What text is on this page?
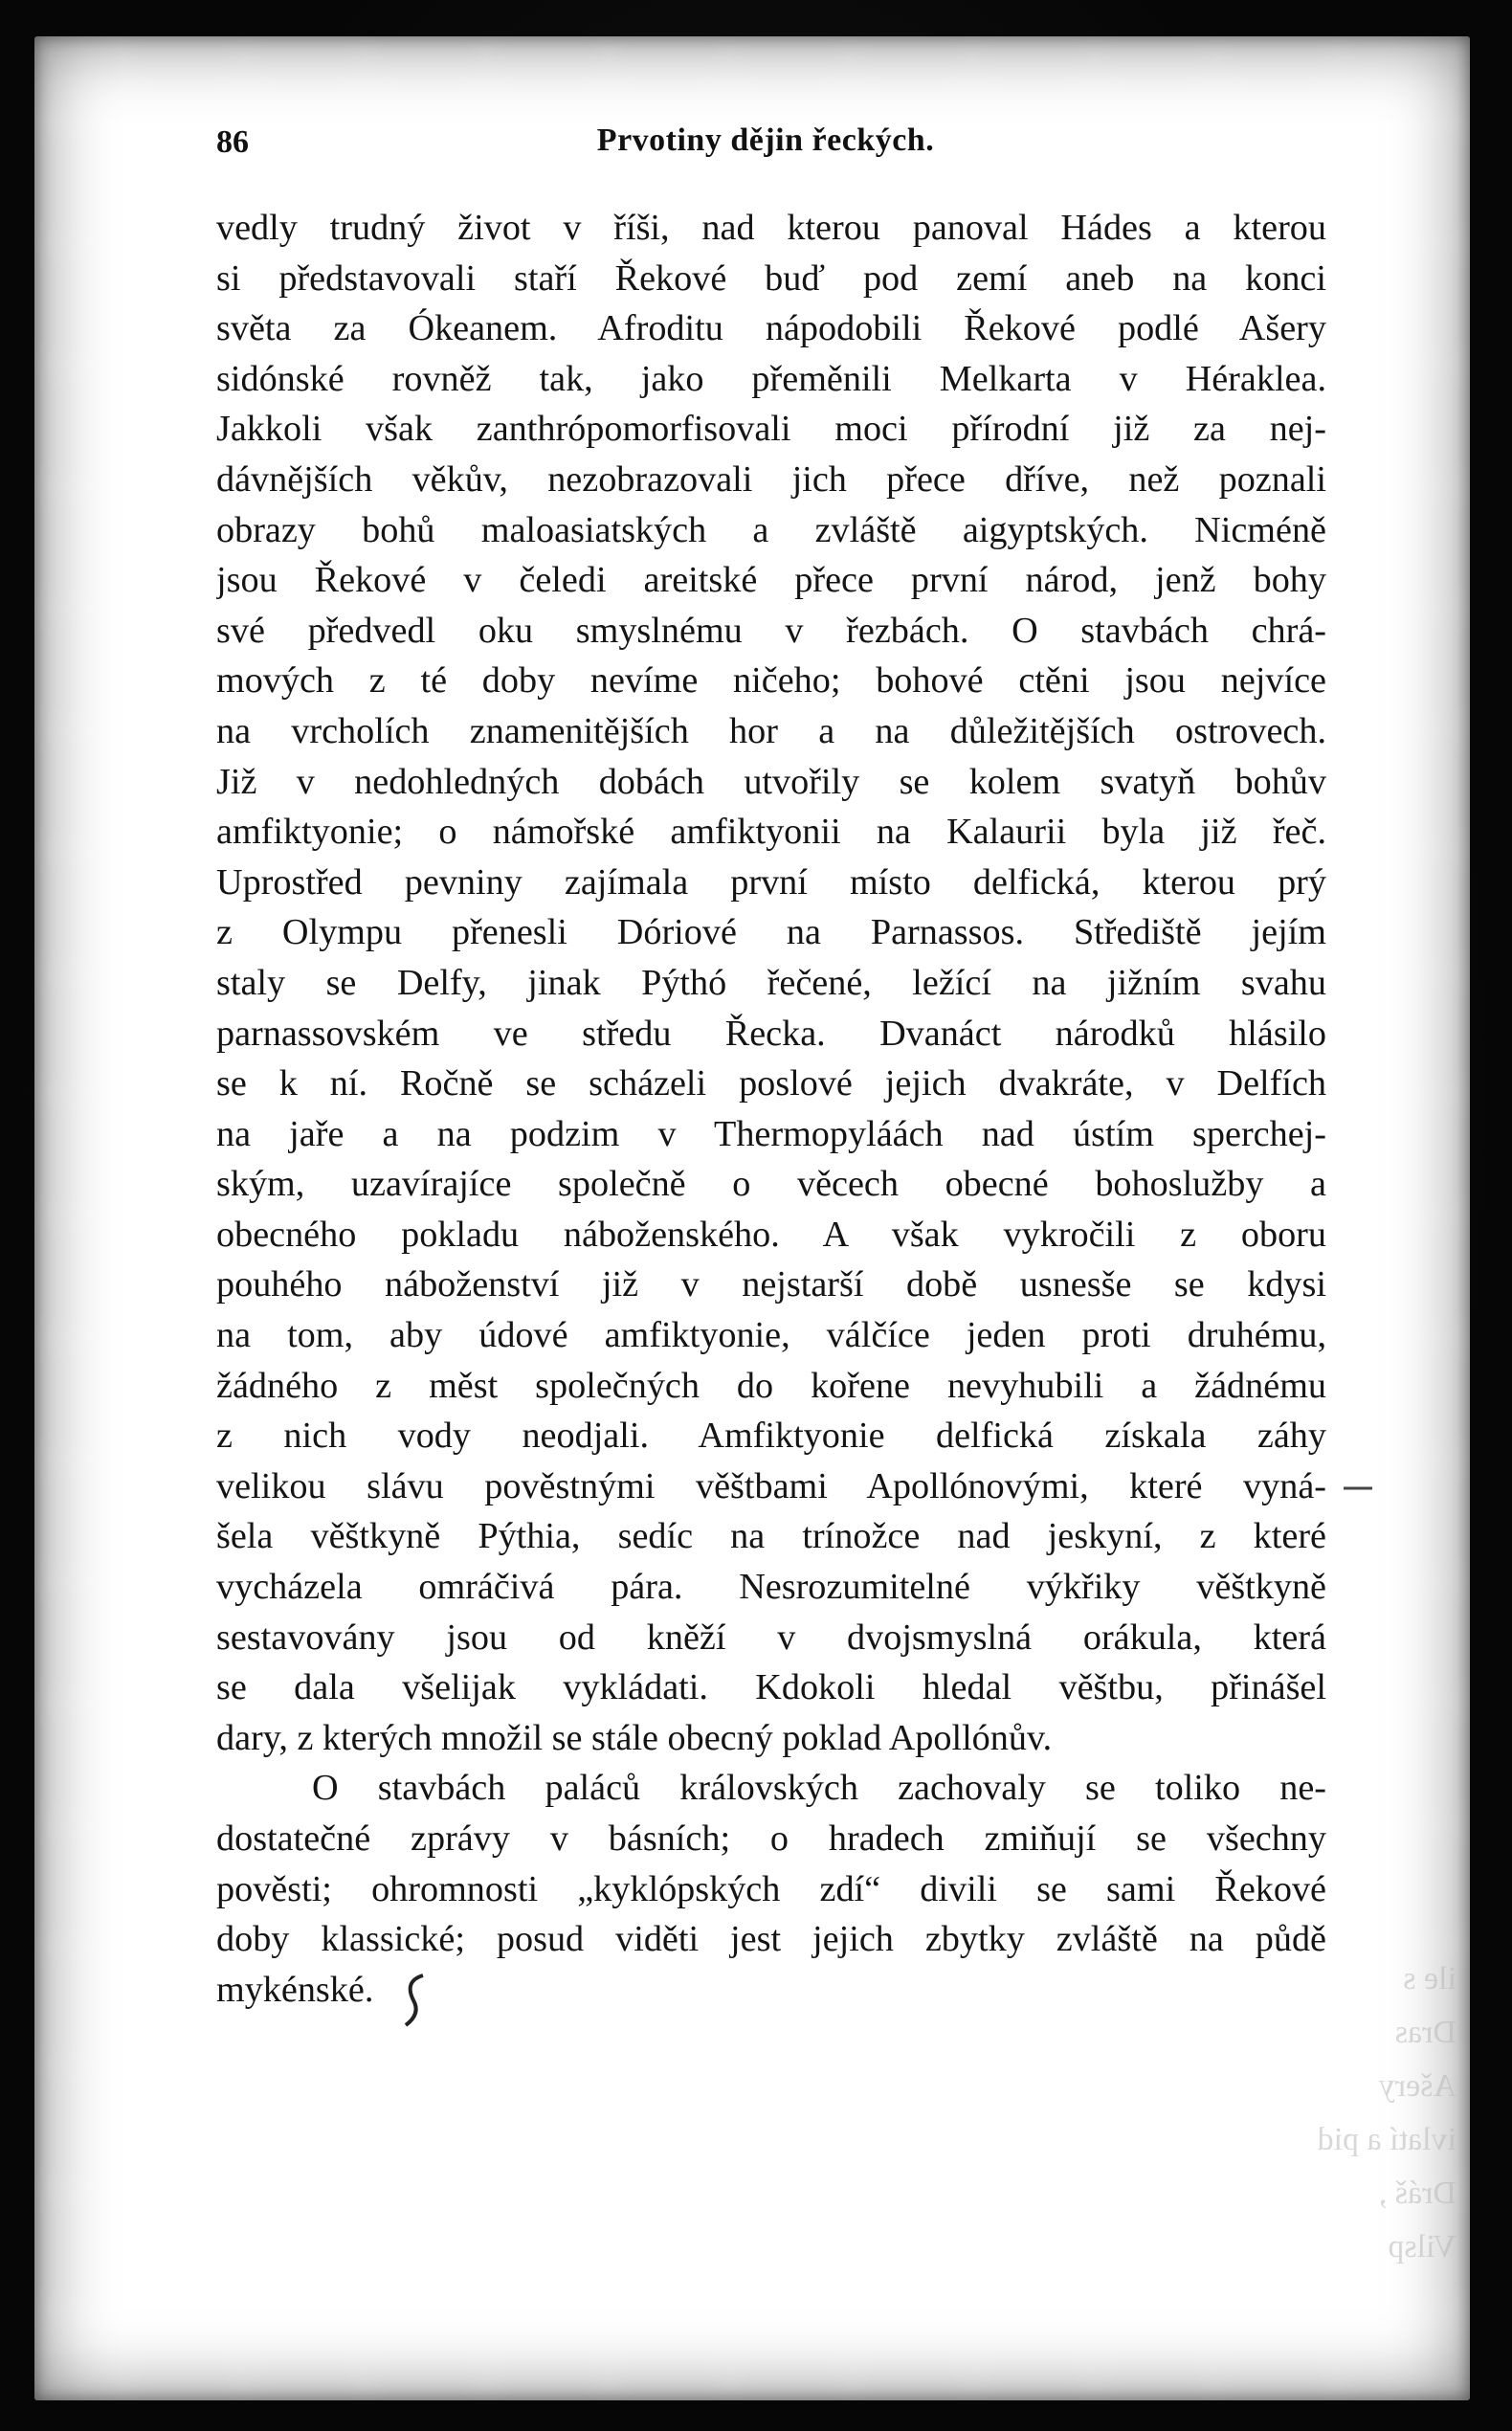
86	Prvotiny dějin řeckých.
vedly trudný život v říši, nad kterou panoval Hádes a kterou
si představovali staří Řekové buď pod zemí aneb na konci
světa za Ókeanem. Afroditu nápodobili Řekové podlé Ašery
sidónské rovněž tak, jako přeměnili Melkarta v Héraklea.
Jakkoli však zanthrópomorfisovali moci přírodní již za nej-
dávnějších věkův, nezobrazovali jich přece dříve, než poznali
obrazy bohů maloasiatských a zvláště aigyptských. Nicméně
jsou Řekové v čeledi areitské přece první národ, jenž bohy
své předvedl oku smyslnému v řezbách. O stavbách chrá-
mových z té doby nevíme ničeho; bohové ctěni jsou nejvíce
na vrcholích znamenitějších hor a na důležitějších ostrovech.
Již v nedohledných dobách utvořily se kolem svatyň bohův
amfiktyonie; o námořské amfiktyonii na Kalaurii byla již řeč.
Uprostřed pevniny zajímala první místo delfická, kterou prý
z Olympu přenesli Dóriové na Parnassos. Střediště jejím
staly se Delfy, jinak Pýthó řečené, ležící na jižním svahu
parnassovském ve středu Řecka. Dvanáct národků hlásilo
se k ní. Ročně se scházeli poslové jejich dvakráte, v Delfích
na jaře a na podzim v Thermopyláách nad ústím sperchej-
ským, uzavírajíce společně o věcech obecné bohoslužby a
obecného pokladu náboženského. A však vykročili z oboru
pouhého náboženství již v nejstarší době usnesše se kdysi
na tom, aby údové amfiktyonie, válčíce jeden proti druhému,
žádného z měst společných do kořene nevyhubili a žádnému
z nich vody neodjali. Amfiktyonie delfická získala záhy
velikou slávu pověstnými věštbami Apollónovými, které vyná-
šela věštkyně Pýthia, sedíc na trínožce nad jeskyní, z které
vycházela omráčivá pára. Nesrozumitelné výkřiky věštkyně
sestavovány jsou od kněží v dvojsmyslná orákula, která
se dala všelijak vykládati. Kdokoli hledal věštbu, přinášel
dary, z kterých množil se stále obecný poklad Apollónův.
O stavbách paláců královských zachovaly se toliko ne-
dostatečné zprávy v básních; o hradech zmiňují se všechny
pověsti; ohromnosti „kyklópských zdí“ divili se sami Řekové
doby klassické; posud viděti jest jejich zbytky zvláště na půdě
mykénské.	ile s
Dras
Ašery
ivlatí a pid
Dráš ,
Vilsp
